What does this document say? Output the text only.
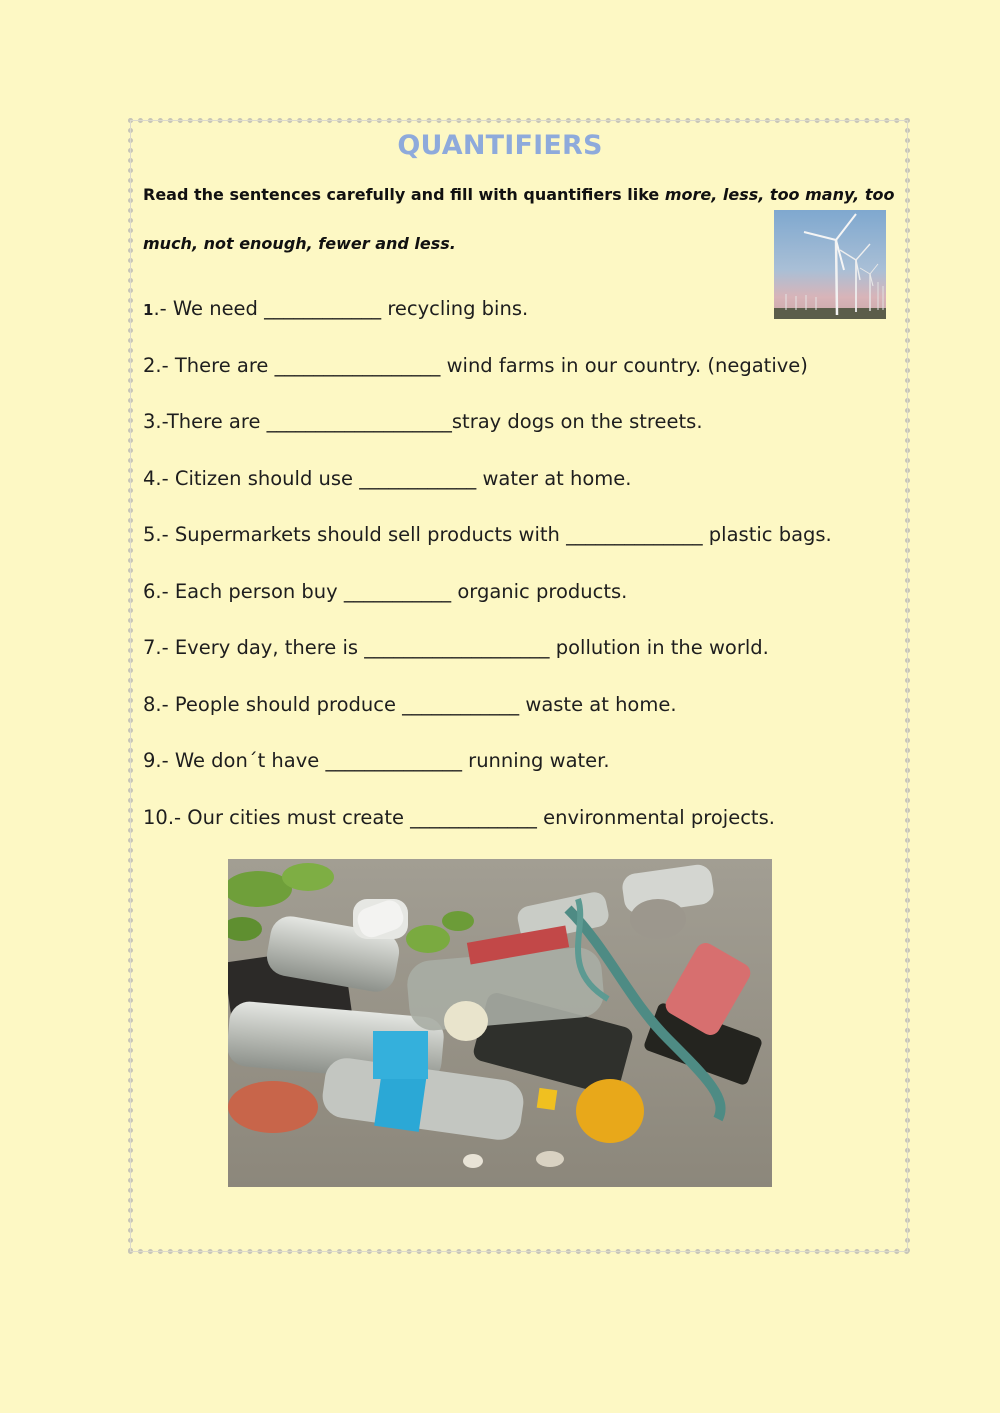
QUANTIFIERS
Read the sentences carefully and fill with quantifiers like more, less, too many, too
much, not enough, fewer and less.
1.- We need ____________ recycling bins.
2.- There are _________________ wind farms in our country. (negative)
3.-There are ___________________stray dogs on the streets.
4.- Citizen should use ____________ water at home.
5.- Supermarkets should sell products with ______________ plastic bags.
6.- Each person buy ___________ organic products.
7.- Every day, there is ___________________ pollution in the world.
8.- People should produce ____________ waste at home.
9.- We don´t have ______________ running water.
10.- Our cities must create _____________ environmental projects.
